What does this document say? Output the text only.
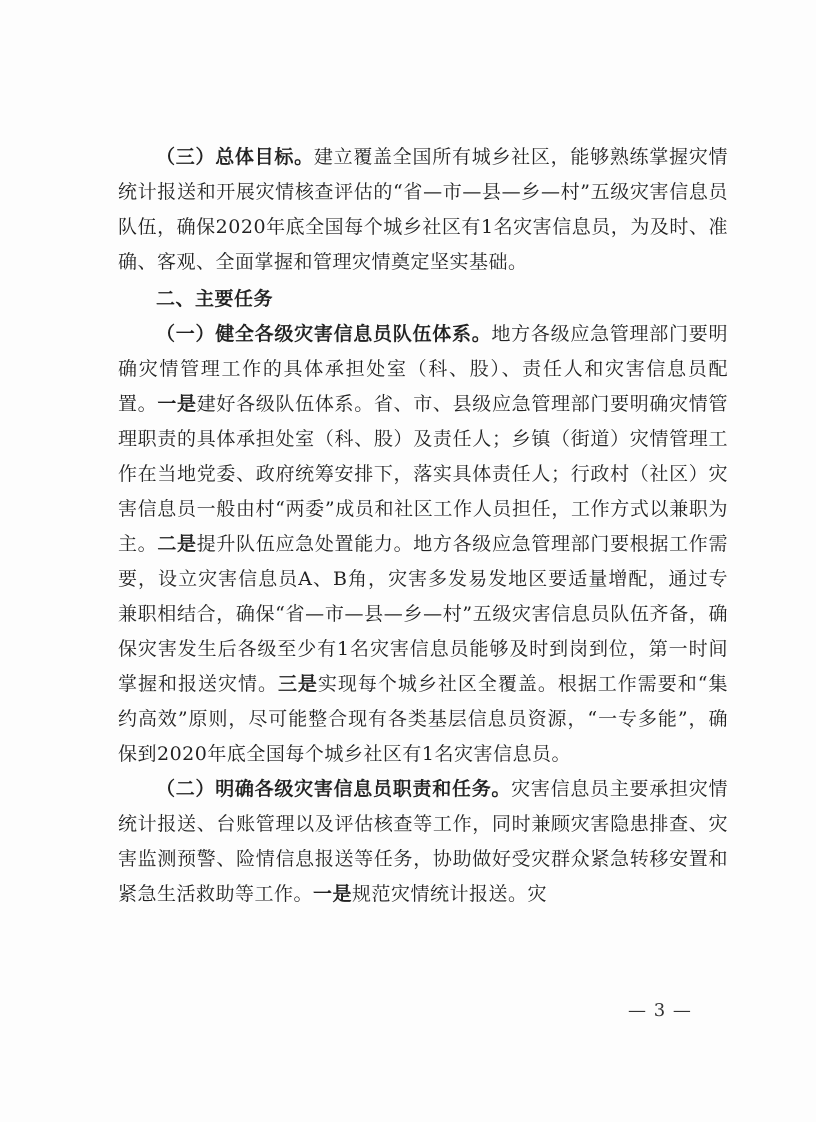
（三）总体目标。建立覆盖全国所有城乡社区，能够熟练掌握灾情统计报送和开展灾情核查评估的“省—市—县—乡—村”五级灾害信息员队伍，确保2020年底全国每个城乡社区有1名灾害信息员，为及时、准确、客观、全面掌握和管理灾情奠定坚实基础。

二、主要任务

（一）健全各级灾害信息员队伍体系。地方各级应急管理部门要明确灾情管理工作的具体承担处室（科、股）、责任人和灾害信息员配置。一是建好各级队伍体系。省、市、县级应急管理部门要明确灾情管理职责的具体承担处室（科、股）及责任人；乡镇（街道）灾情管理工作在当地党委、政府统筹安排下，落实具体责任人；行政村（社区）灾害信息员一般由村“两委”成员和社区工作人员担任，工作方式以兼职为主。二是提升队伍应急处置能力。地方各级应急管理部门要根据工作需要，设立灾害信息员A、B角，灾害多发易发地区要适量增配，通过专兼职相结合，确保“省—市—县—乡—村”五级灾害信息员队伍齐备，确保灾害发生后各级至少有1名灾害信息员能够及时到岗到位，第一时间掌握和报送灾情。三是实现每个城乡社区全覆盖。根据工作需要和“集约高效”原则，尽可能整合现有各类基层信息员资源，“一专多能”，确保到2020年底全国每个城乡社区有1名灾害信息员。

（二）明确各级灾害信息员职责和任务。灾害信息员主要承担灾情统计报送、台账管理以及评估核查等工作，同时兼顾灾害隐患排查、灾害监测预警、险情信息报送等任务，协助做好受灾群众紧急转移安置和紧急生活救助等工作。一是规范灾情统计报送。灾

— 3 —
